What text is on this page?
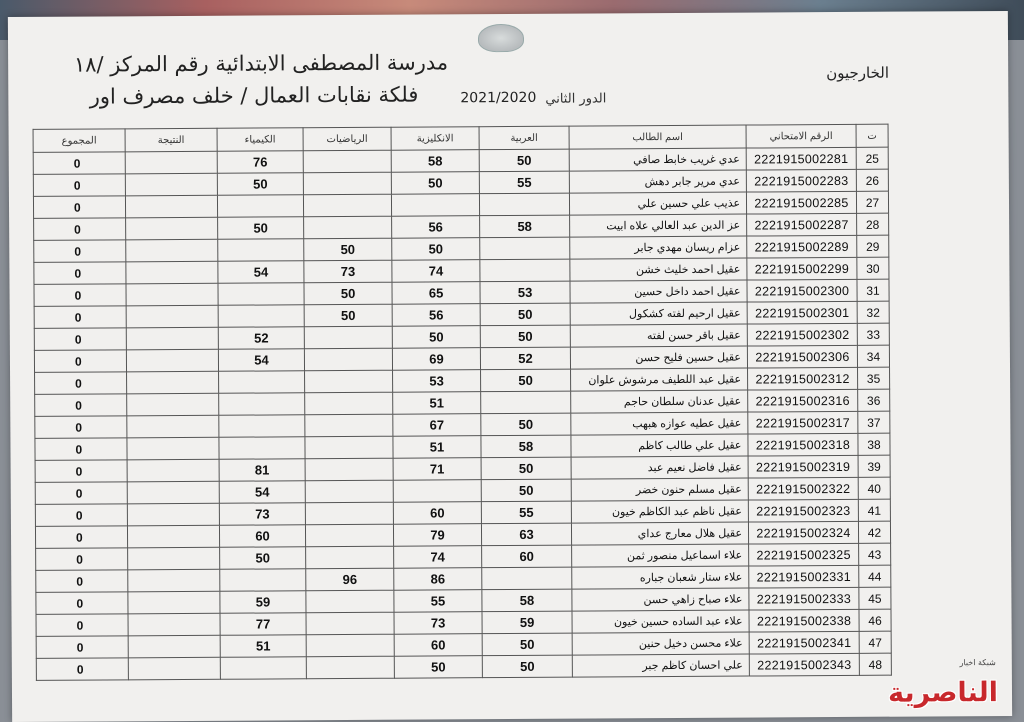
مدرسة المصطفى الابتدائية رقم المركز /١٨
فلكة نقابات العمال / خلف مصرف اور	الدور الثاني
2021/2020
الخارجيون
ت	الرقم الامتحاني	اسم الطالب	العربية	الانكليزية	الرياضيات	الكيمياء	النتيجة	المجموع
25	2221915002281	عدي غريب خابط صافي	50	58		76		0
26	2221915002283	عدي مرير جابر دهش	55	50		50		0
27	2221915002285	عذيب علي حسين علي						0
28	2221915002287	عز الدين عبد العالي علاه ابيت	58	56		50		0
29	2221915002289	عزام ريسان مهدي جابر		50	50			0
30	2221915002299	عقيل احمد خليث خشن		74	73	54		0
31	2221915002300	عقيل احمد داخل حسين	53	65	50			0
32	2221915002301	عقيل ارحيم لفته كشكول	50	56	50			0
33	2221915002302	عقيل باقر حسن لفته	50	50		52		0
34	2221915002306	عقيل حسين فليح حسن	52	69		54		0
35	2221915002312	عقيل عبد اللطيف مرشوش علوان	50	53				0
36	2221915002316	عقيل عدنان سلطان حاجم		51				0
37	2221915002317	عقيل عطيه عوازه هبهب	50	67				0
38	2221915002318	عقيل علي طالب كاظم	58	51				0
39	2221915002319	عقيل فاضل نعيم عبد	50	71		81		0
40	2221915002322	عقيل مسلم حنون خضر	50			54		0
41	2221915002323	عقيل ناظم عبد الكاظم خيون	55	60		73		0
42	2221915002324	عقيل هلال معارج عداي	63	79		60		0
43	2221915002325	علاء اسماعيل منصور ثمن	60	74		50		0
44	2221915002331	علاء ستار شعبان جباره		86	96			0
45	2221915002333	علاء صباح زاهي حسن	58	55		59		0
46	2221915002338	علاء عبد الساده حسين خيون	59	73		77		0
47	2221915002341	علاء محسن دخيل حنين	50	60		51		0
48	2221915002343	علي احسان كاظم جبر	50	50				0	شبكة اخبار
الناصرية
